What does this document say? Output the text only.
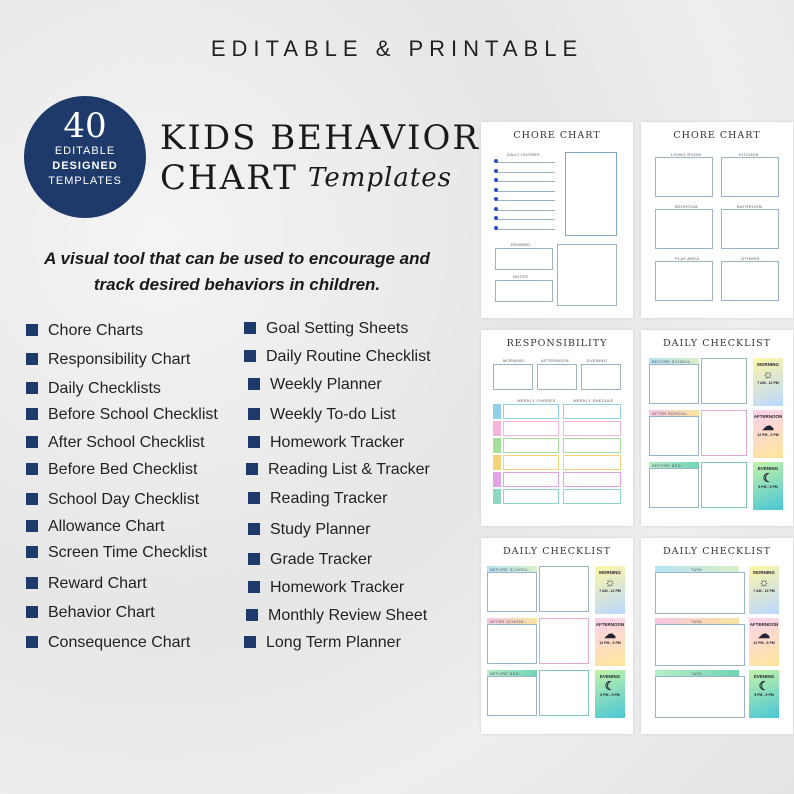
EDITABLE & PRINTABLE
40
EDITABLE
DESIGNED
TEMPLATES
KIDS BEHAVIOR
CHART Templates
A visual tool that can be used to encourage and track desired behaviors in children.
Chore Charts
Responsibility Chart
Daily Checklists
Before School Checklist
After School Checklist
Before Bed Checklist
School Day Checklist
Allowance Chart
Screen Time Checklist
Reward Chart
Behavior Chart
Consequence Chart
Goal Setting Sheets
Daily Routine Checklist
Weekly Planner
Weekly To-do List
Homework Tracker
Reading List & Tracker
Reading Tracker
Study Planner
Grade Tracker
Homework Tracker
Monthly Review Sheet
Long Term Planner
CHORE CHART
DAILY CHORES
REWARD
NOTES
CHORE CHART
LIVING ROOM	KITCHEN
BEDROOM	BATHROOM
PLAY AREA	OTHERS
RESPONSIBILITY
MORNING	AFTERNOON	EVENING
WEEKLY CHORES	WEEKLY SHEDULE
DAILY CHECKLIST
BEFORE SCHOOL:
MORNING
☼
7 AM - 12 PM
AFTER SCHOOL:
AFTERNOON
☁
12 PM - 5 PM
BEFORE BED:
EVENING
☾
5 PM - 9 PM
DAILY CHECKLIST
BEFORE SCHOOL:
MORNING
☼
7 AM - 12 PM
AFTER SCHOOL:
AFTERNOON
☁
12 PM - 5 PM
BEFORE BED:
EVENING
☾
5 PM - 9 PM
DAILY CHECKLIST
TASK
MORNING
☼
7 AM - 12 PM
TASK
AFTERNOON
☁
12 PM - 5 PM
TASK
EVENING
☾
5 PM - 9 PM
